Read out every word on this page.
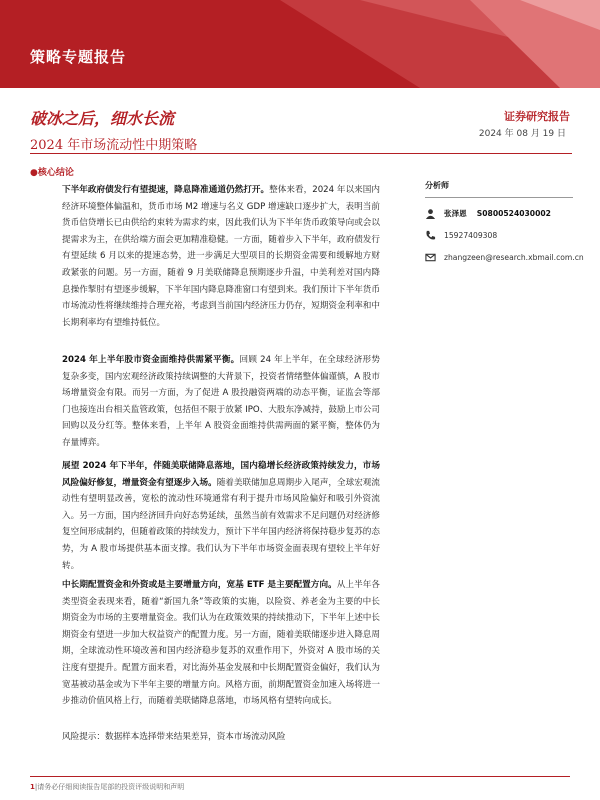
策略专题报告
破冰之后，细水长流
2024 年市场流动性中期策略
证券研究报告
2024 年 08 月 19 日
●核心结论

下半年政府债发行有望提速，降息降准通道仍然打开。整体来看，2024 年以来国内经济环境整体偏温和，货币市场 M2 增速与名义 GDP 增速缺口逐步扩大，表明当前货币信贷增长已由供给约束转为需求约束，因此我们认为下半年货币政策导向或会以提需求为主，在供给端方面会更加精准稳健。一方面，随着步入下半年，政府债发行有望延续 6 月以来的提速态势，进一步满足大型项目的长期资金需要和缓解地方财政紧张的问题。另一方面，随着 9 月美联储降息预期逐步升温，中美利差对国内降息操作掣肘有望逐步缓解，下半年国内降息降准窗口有望到来。我们预计下半年货币市场流动性将继续维持合理充裕，考虑到当前国内经济压力仍存，短期资金利率和中长期利率均有望维持低位。

2024 年上半年股市资金面维持供需紧平衡。回顾 24 年上半年，在全球经济形势复杂多变，国内宏观经济政策持续调整的大背景下，投资者情绪整体偏谨慎，A 股市场增量资金有限。而另一方面，为了促进 A 股投融资两端的动态平衡，证监会等部门也接连出台相关监管政策，包括但不限于放紧 IPO、大股东净减持，鼓励上市公司回购以及分红等。整体来看，上半年 A 股资金面维持供需两面的紧平衡，整体仍为存量博弈。

展望 2024 年下半年，伴随美联储降息落地，国内稳增长经济政策持续发力，市场风险偏好修复，增量资金有望逐步入场。随着美联储加息周期步入尾声，全球宏观流动性有望明显改善，宽松的流动性环境通常有利于提升市场风险偏好和吸引外资流入。另一方面，国内经济回升向好态势延续，虽然当前有效需求不足问题仍对经济修复空间形成制约，但随着政策的持续发力，预计下半年国内经济将保持稳步复苏的态势，为 A 股市场提供基本面支撑。我们认为下半年市场资金面表现有望较上半年好转。

中长期配置资金和外资或是主要增量方向，宽基 ETF 是主要配置方向。从上半年各类型资金表现来看，随着“新国九条”等政策的实施，以险资、养老金为主要的中长期资金为市场的主要增量资金。我们认为在政策效果的持续推动下，下半年上述中长期资金有望进一步加大权益资产的配置力度。另一方面，随着美联储逐步进入降息周期，全球流动性环境改善和国内经济稳步复苏的双重作用下，外资对 A 股市场的关注度有望提升。配置方面来看，对比海外基金发展和中长期配置资金偏好，我们认为宽基被动基金或为下半年主要的增量方向。风格方面，前期配置资金加速入场将进一步推动价值风格上行，而随着美联储降息落地，市场风格有望转向成长。

风险提示：数据样本选择带来结果差异，资本市场流动风险
分析师
张泽恩 S0800524030002
15927409308
zhangzeen@research.xbmail.com.cn
1|请务必仔细阅读报告尾部的投资评级说明和声明
